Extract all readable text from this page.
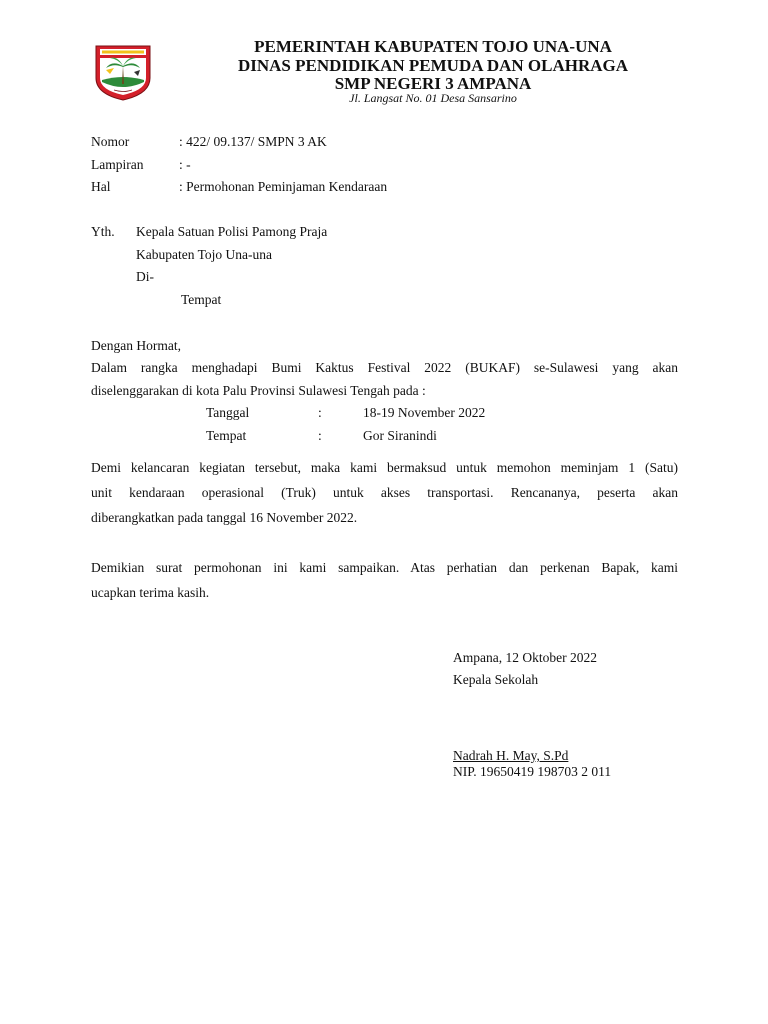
PEMERINTAH KABUPATEN TOJO UNA-UNA
DINAS PENDIDIKAN PEMUDA DAN OLAHRAGA
SMP NEGERI 3 AMPANA
Jl. Langsat No. 01 Desa Sansarino
Nomor	: 422/ 09.137/ SMPN 3 AK
Lampiran	: -
Hal	: Permohonan Peminjaman Kendaraan
Yth. Kepala Satuan Polisi Pamong Praja
Kabupaten Tojo Una-una
Di-
Tempat
Dengan Hormat,
Dalam rangka menghadapi Bumi Kaktus Festival 2022 (BUKAF) se-Sulawesi yang akan
diselenggarakan di kota Palu Provinsi Sulawesi Tengah pada :
Tanggal	:	18-19 November 2022
Tempat	:	Gor Siranindi
Demi kelancaran kegiatan tersebut, maka kami bermaksud untuk memohon meminjam 1 (Satu)
unit kendaraan operasional (Truk) untuk akses transportasi. Rencananya, peserta akan
diberangkatkan pada tanggal 16 November 2022.
Demikian surat permohonan ini kami sampaikan. Atas perhatian dan perkenan Bapak, kami
ucapkan terima kasih.
Ampana, 12 Oktober 2022
Kepala Sekolah
Nadrah H. May, S.Pd
NIP. 19650419 198703 2 011
